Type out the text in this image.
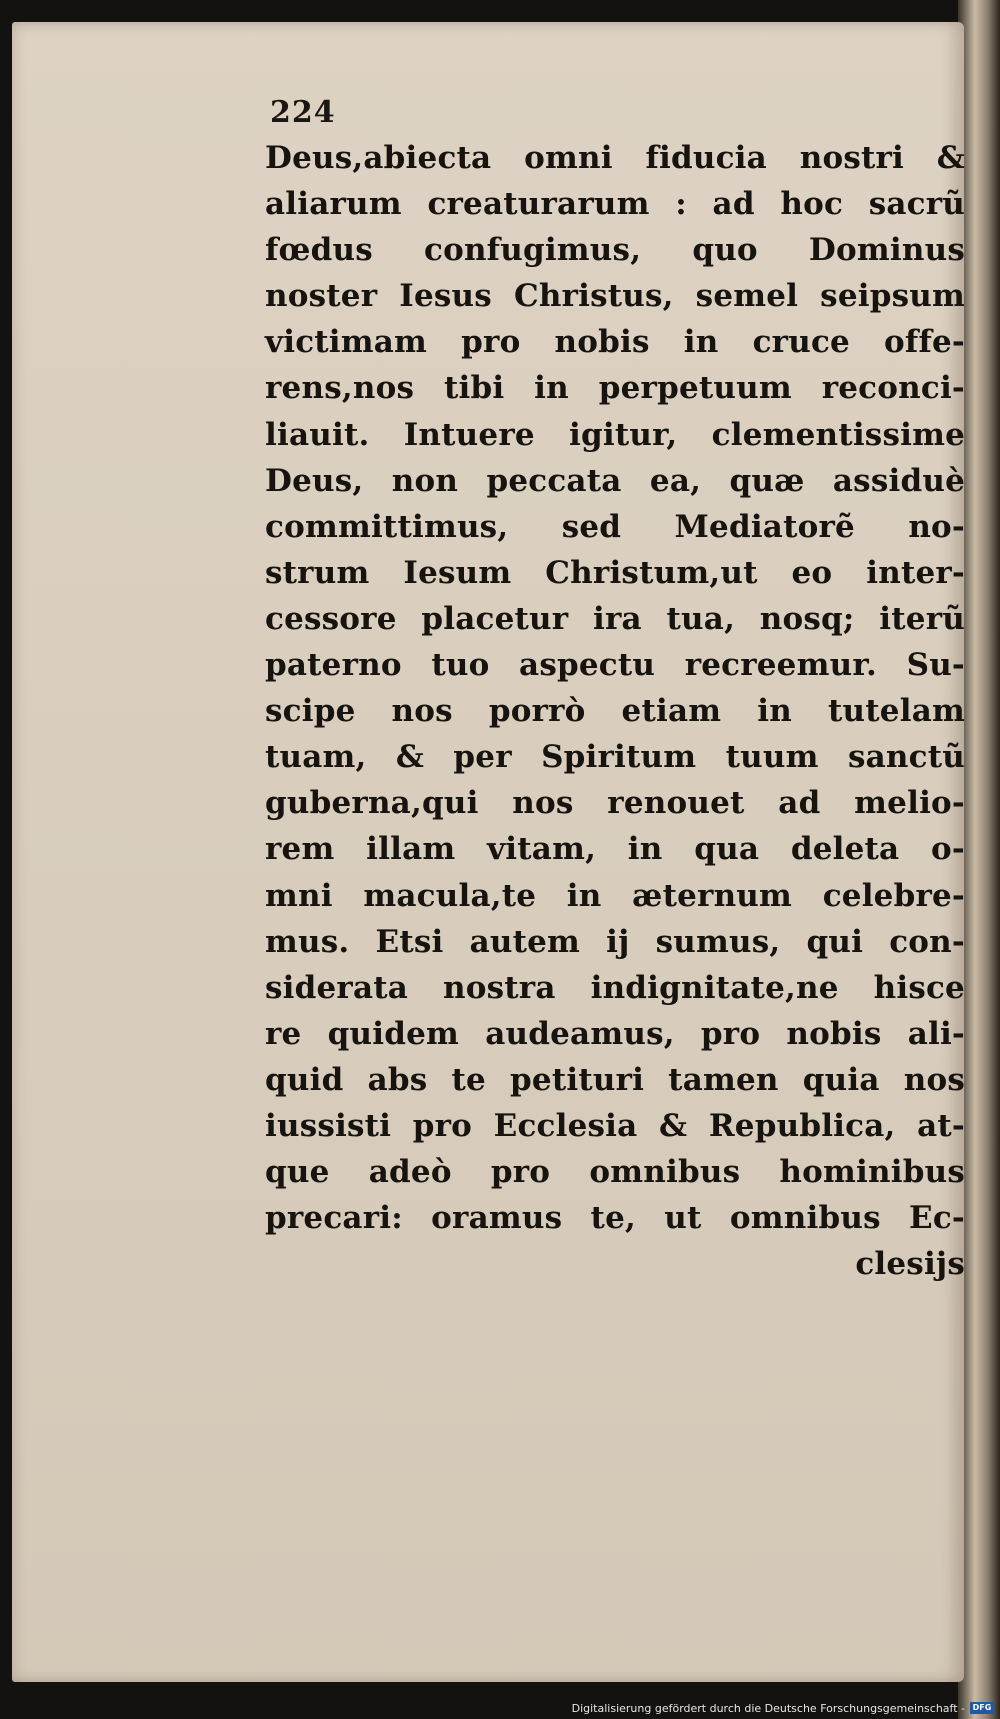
224

Deus,abiecta omni fiducia nostri &
aliarum creaturarum : ad hoc sacrũ
fœdus confugimus, quo Dominus
noster Iesus Christus, semel seipsum
victimam pro nobis in cruce offe-
rens,nos tibi in perpetuum reconci-
liauit. Intuere igitur, clementissime
Deus, non peccata ea, quæ assiduè
committimus, sed Mediatorẽ no-
strum Iesum Christum,ut eo inter-
cessore placetur ira tua, nosq; iterũ
paterno tuo aspectu recreemur. Su-
scipe nos porrò etiam in tutelam
tuam, & per Spiritum tuum sanctũ
guberna,qui nos renouet ad melio-
rem illam vitam, in qua deleta o-
mni macula,te in æternum celebre-
mus. Etsi autem ij sumus, qui con-
siderata nostra indignitate,ne hisce
re quidem audeamus, pro nobis ali-
quid abs te petituri tamen quia nos
iussisti pro Ecclesia & Republica, at-
que adeò pro omnibus hominibus
precari: oramus te, ut omnibus Ec-
clesijs
Digitalisierung gefördert durch die Deutsche Forschungsgemeinschaft - DFG
